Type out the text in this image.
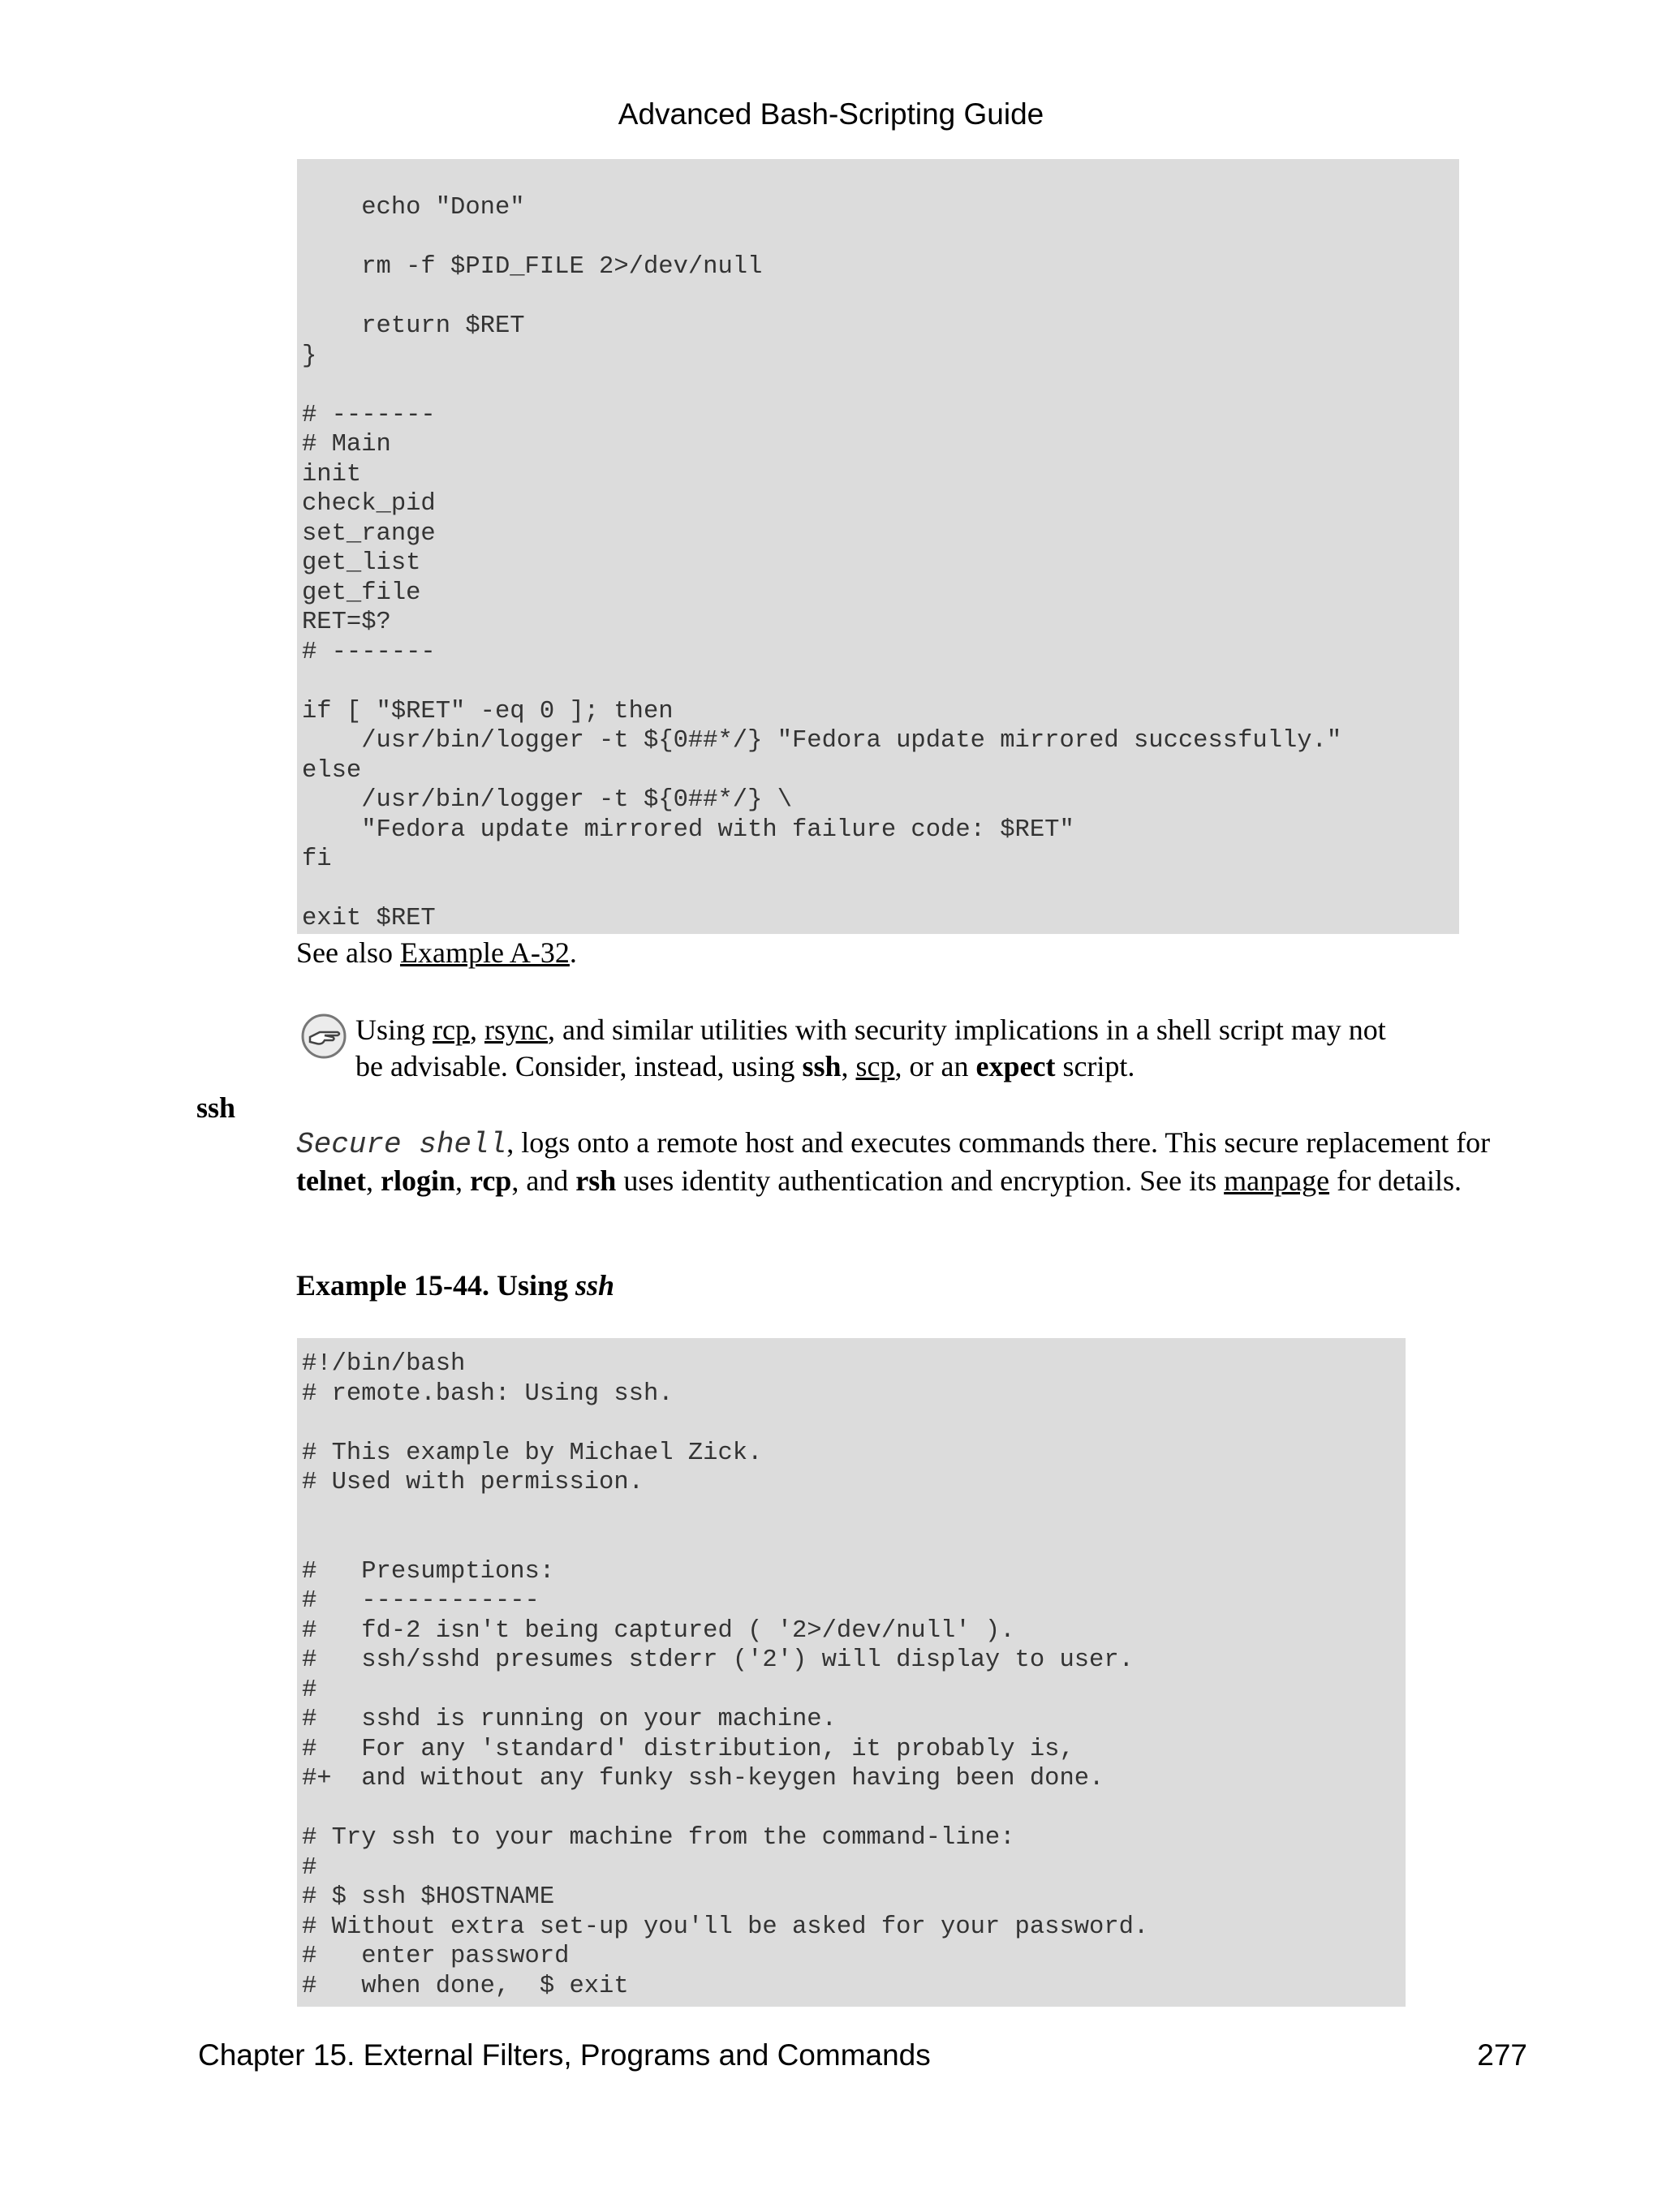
Advanced Bash-Scripting Guide
echo "Done"

rm -f $PID_FILE 2>/dev/null

return $RET
}

# -------
# Main
init
check_pid
set_range
get_list
get_file
RET=$?
# -------

if [ "$RET" -eq 0 ]; then
/usr/bin/logger -t ${0##*/} "Fedora update mirrored successfully."
else
/usr/bin/logger -t ${0##*/} \
"Fedora update mirrored with failure code: $RET"
fi

exit $RET
See also Example A-32.
Using rcp, rsync, and similar utilities with security implications in a shell script may not be advisable. Consider, instead, using ssh, scp, or an expect script.
ssh
Secure shell, logs onto a remote host and executes commands there. This secure replacement for telnet, rlogin, rcp, and rsh uses identity authentication and encryption. See its manpage for details.
Example 15-44. Using ssh
#!/bin/bash
# remote.bash: Using ssh.

# This example by Michael Zick.
# Used with permission.

#   Presumptions:
#   ------------
#   fd-2 isn't being captured ( '2>/dev/null' ).
#   ssh/sshd presumes stderr ('2') will display to user.
#
#   sshd is running on your machine.
#   For any 'standard' distribution, it probably is,
#+  and without any funky ssh-keygen having been done.

# Try ssh to your machine from the command-line:
#
# $ ssh $HOSTNAME
# Without extra set-up you'll be asked for your password.
#   enter password
#   when done,  $ exit
Chapter 15. External Filters, Programs and Commands	277
